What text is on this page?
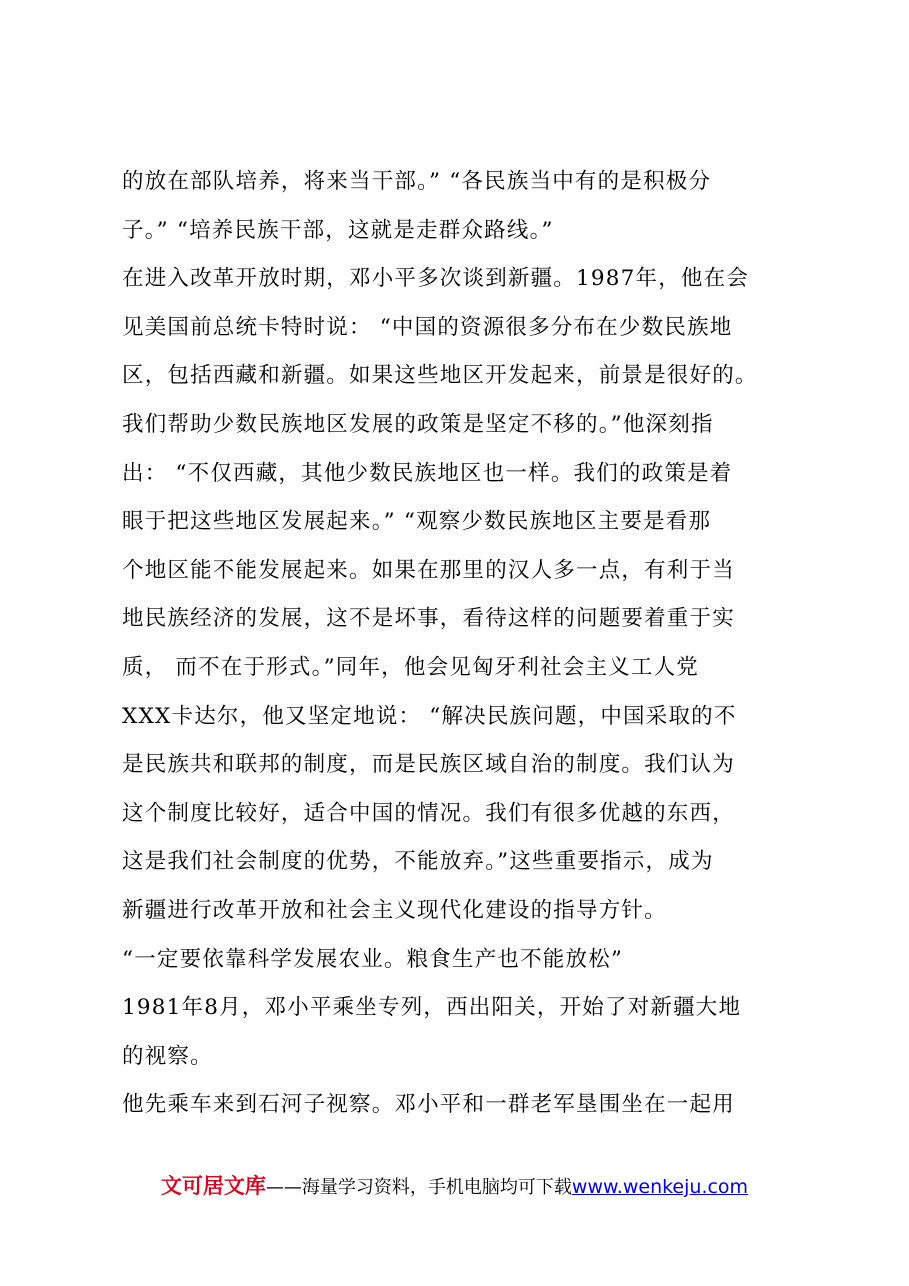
的放在部队培养，将来当干部。” “各民族当中有的是积极分
子。” “培养民族干部，这就是走群众路线。”
在进入改革开放时期，邓小平多次谈到新疆。1987年，他在会
见美国前总统卡特时说： “中国的资源很多分布在少数民族地
区，包括西藏和新疆。如果这些地区开发起来，前景是很好的。
我们帮助少数民族地区发展的政策是坚定不移的。”他深刻指
出： “不仅西藏，其他少数民族地区也一样。我们的政策是着
眼于把这些地区发展起来。” “观察少数民族地区主要是看那
个地区能不能发展起来。如果在那里的汉人多一点，有利于当
地民族经济的发展，这不是坏事，看待这样的问题要着重于实
质， 而不在于形式。”同年，他会见匈牙利社会主义工人党
XXX卡达尔，他又坚定地说： “解决民族问题，中国采取的不
是民族共和联邦的制度，而是民族区域自治的制度。我们认为
这个制度比较好，适合中国的情况。我们有很多优越的东西，
这是我们社会制度的优势，不能放弃。”这些重要指示，成为
新疆进行改革开放和社会主义现代化建设的指导方针。
“一定要依靠科学发展农业。粮食生产也不能放松”
1981年8月，邓小平乘坐专列，西出阳关，开始了对新疆大地
的视察。
他先乘车来到石河子视察。邓小平和一群老军垦围坐在一起用
文可居文库——海量学习资料，手机电脑均可下载www.wenkeju.com
